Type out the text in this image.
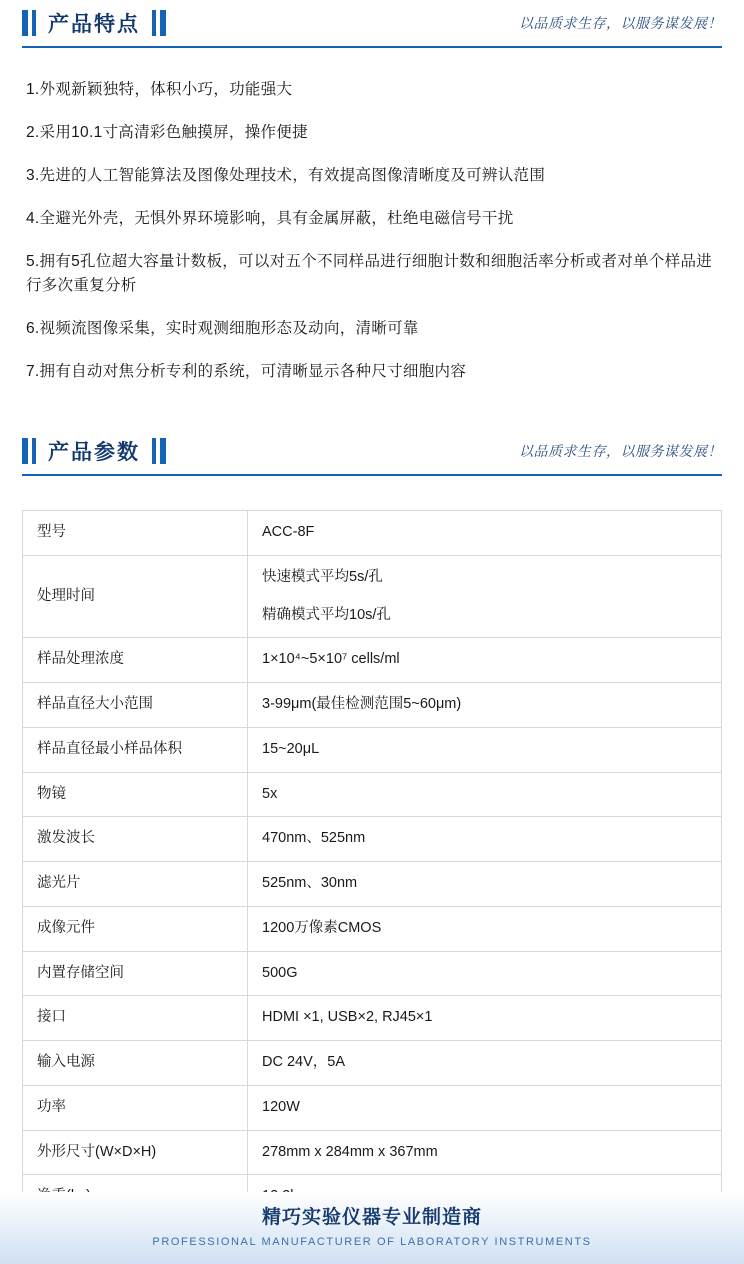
产品特点	以品质求生存，以服务谋发展！
1.外观新颖独特，体积小巧，功能强大
2.采用10.1寸高清彩色触摸屏，操作便捷
3.先进的人工智能算法及图像处理技术，有效提高图像清晰度及可辨认范围
4.全避光外壳，无惧外界环境影响，具有金属屏蔽，杜绝电磁信号干扰
5.拥有5孔位超大容量计数板，可以对五个不同样品进行细胞计数和细胞活率分析或者对单个样品进行多次重复分析
6.视频流图像采集，实时观测细胞形态及动向，清晰可靠
7.拥有自动对焦分析专利的系统，可清晰显示各种尺寸细胞内容
产品参数	以品质求生存，以服务谋发展！
型号	ACC-8F

处理时间	快速模式平均5s/孔
精确模式平均10s/孔

样品处理浓度	1×10⁴~5×10⁷ cells/ml

样品直径大小范围	3-99μm(最佳检测范围5~60μm)

样品直径最小样品体积	15~20μL

物镜	5x

激发波长	470nm、525nm

滤光片	525nm、30nm

成像元件	1200万像素CMOS

内置存储空间	500G

接口	HDMI ×1, USB×2, RJ45×1

输入电源	DC 24V，5A

功率	120W

外形尺寸(W×D×H)	278mm x 284mm x 367mm

精巧实验仪器专业制造商
PROFESSIONAL MANUFACTURER OF LABORATORY INSTRUMENTS
